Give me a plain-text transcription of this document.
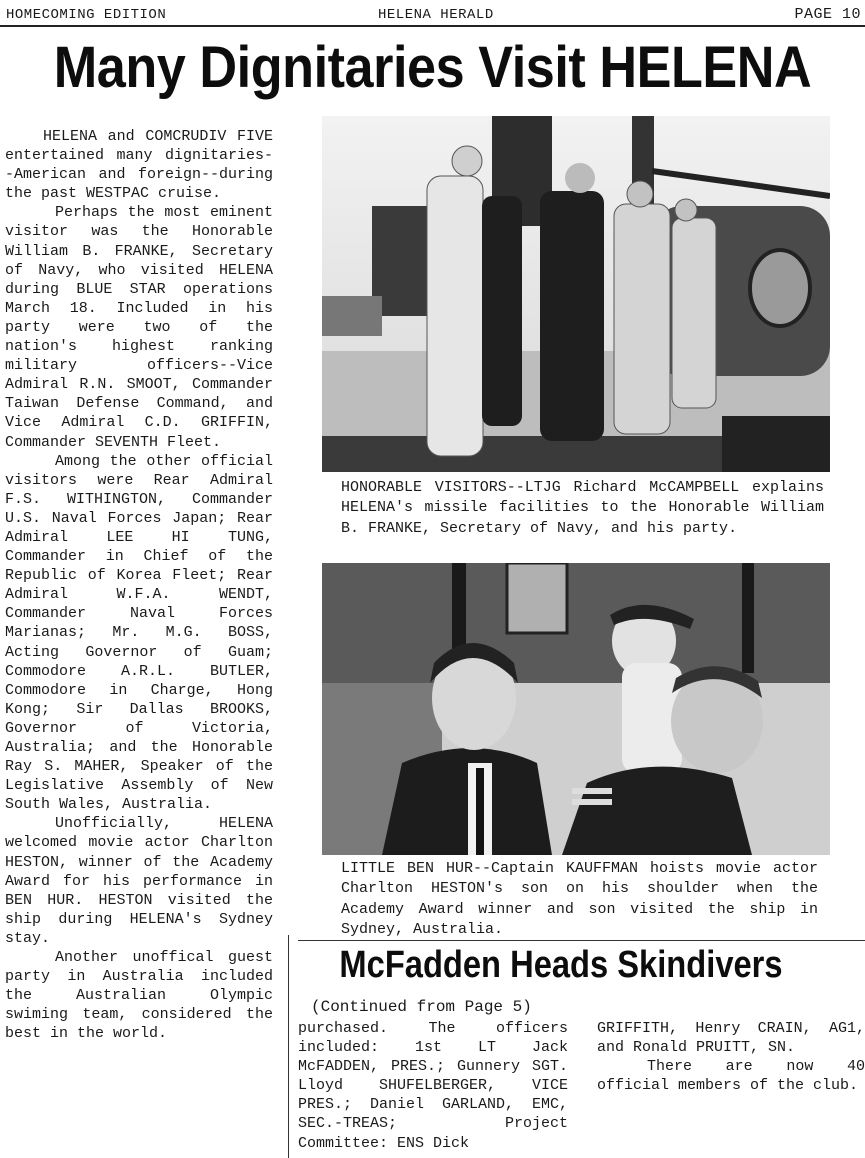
HOMECOMING EDITION	HELENA HERALD	PAGE 10
Many Dignitaries Visit HELENA

HELENA and COMCRUDIV FIVE entertained many dignitaries--American and foreign--during the past WESTPAC cruise.

Perhaps the most eminent visitor was the Honorable William B. FRANKE, Secretary of Navy, who visited HELENA during BLUE STAR operations March 18. Included in his party were two of the nation's highest ranking military officers--Vice Admiral R.N. SMOOT, Commander Taiwan Defense Command, and Vice Admiral C.D. GRIFFIN, Commander SEVENTH Fleet.

Among the other official visitors were Rear Admiral F.S. WITHINGTON, Commander U.S. Naval Forces Japan; Rear Admiral LEE HI TUNG, Commander in Chief of the Republic of Korea Fleet; Rear Admiral W.F.A. WENDT, Commander Naval Forces Marianas; Mr. M.G. BOSS, Acting Governor of Guam; Commodore A.R.L. BUTLER, Commodore in Charge, Hong Kong; Sir Dallas BROOKS, Governor of Victoria, Australia; and the Honorable Ray S. MAHER, Speaker of the Legislative Assembly of New South Wales, Australia.

Unofficially, HELENA welcomed movie actor Charlton HESTON, winner of the Academy Award for his performance in BEN HUR. HESTON visited the ship during HELENA's Sydney stay.

Another unoffical guest party in Australia included the Australian Olympic swiming team, considered the best in the world.

HONORABLE VISITORS--LTJG Richard McCAMPBELL explains HELENA's missile facilities to the Honorable William B. FRANKE, Secretary of Navy, and his party.
LITTLE BEN HUR--Captain KAUFFMAN hoists movie actor Charlton HESTON's son on his shoulder when the Academy Award winner and son visited the ship in Sydney, Australia.
McFadden Heads Skindivers
(Continued from Page 5)

purchased. The officers included: 1st LT Jack McFADDEN, PRES.; Gunnery SGT. Lloyd SHUFELBERGER, VICE PRES.; Daniel GARLAND, EMC, SEC.-TREAS; Project Committee: ENS Dick

GRIFFITH, Henry CRAIN, AG1, and Ronald PRUITT, SN.

There are now 40 official members of the club.
